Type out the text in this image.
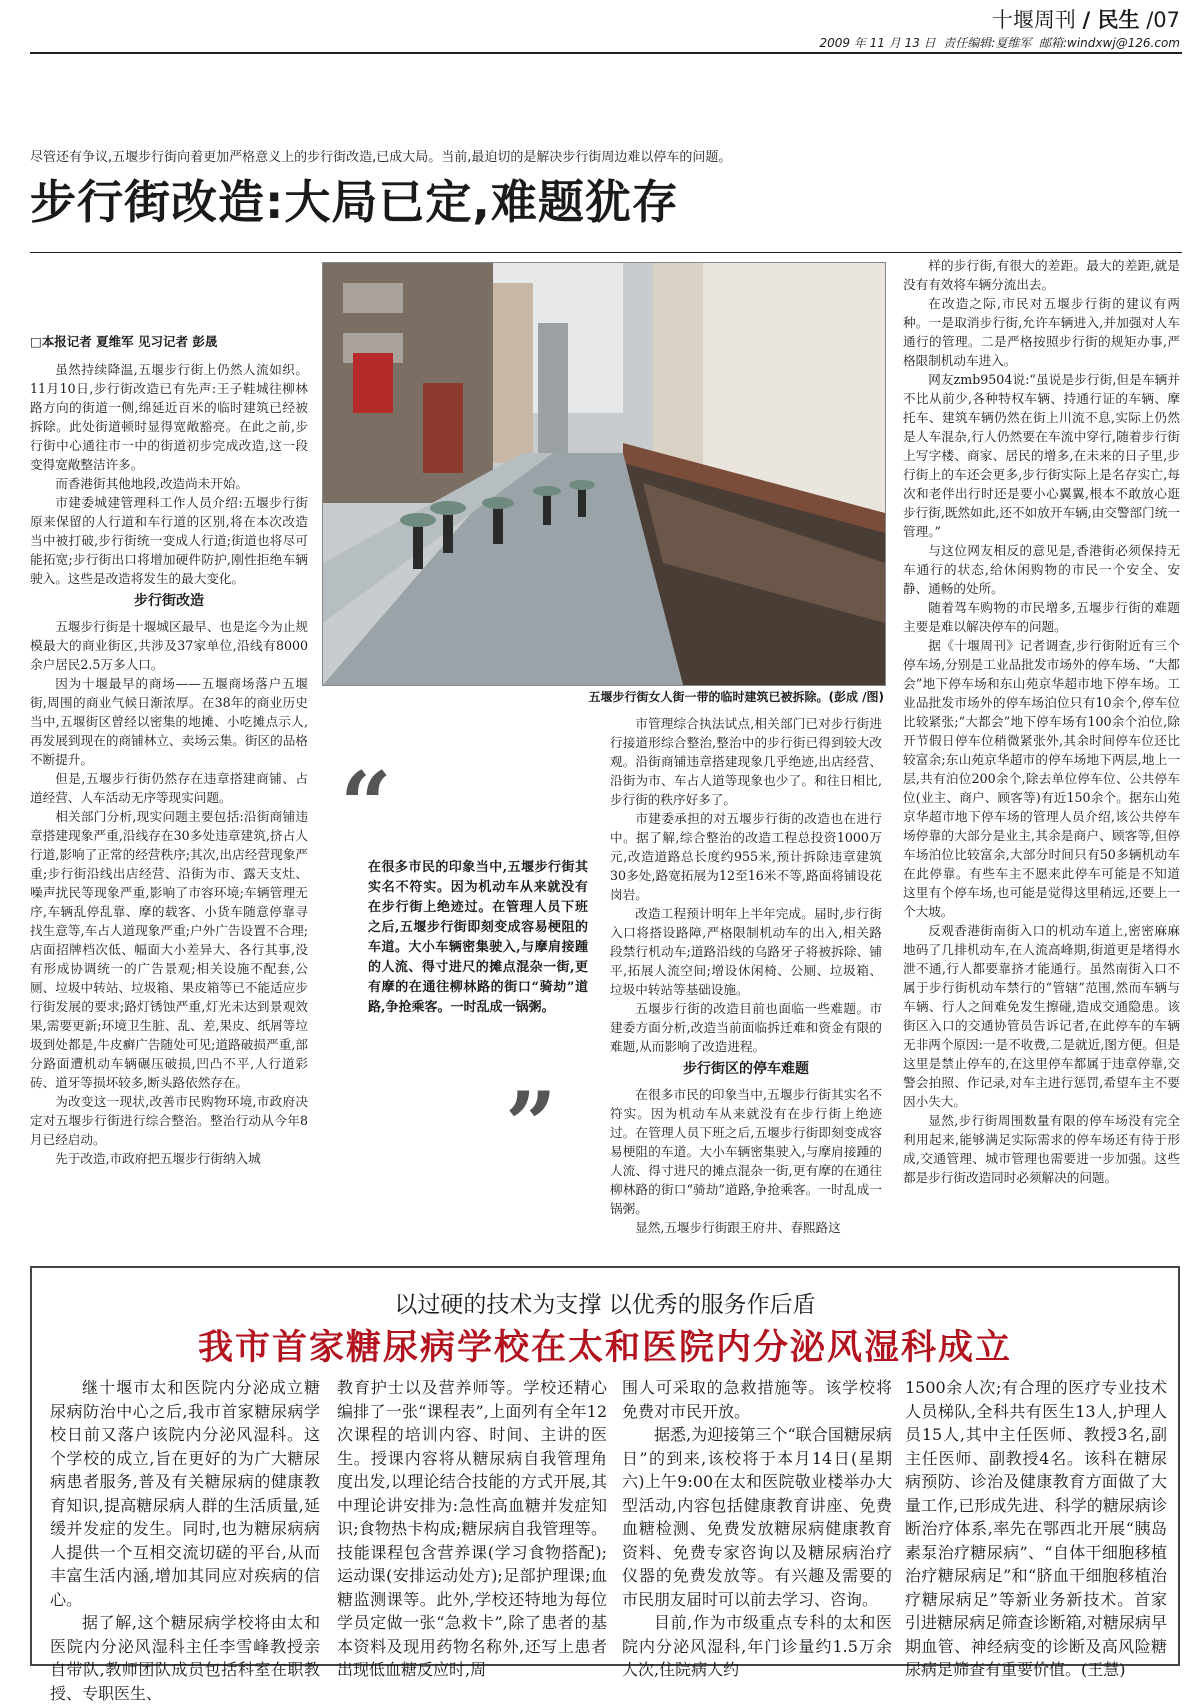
十堰周刊 / 民生 /07
2009 年 11 月 13 日 责任编辑:夏维军 邮箱:windxwj@126.com
尽管还有争议,五堰步行街向着更加严格意义上的步行街改造,已成大局。当前,最迫切的是解决步行街周边难以停车的问题。
步行街改造:大局已定,难题犹存
□本报记者 夏维军 见习记者 彭晟

虽然持续降温,五堰步行街上仍然人流如织。11月10日,步行街改造已有先声:王子鞋城往柳林路方向的街道一侧,绵延近百米的临时建筑已经被拆除。此处街道顿时显得宽敞豁亮。在此之前,步行街中心通往市一中的街道初步完成改造,这一段变得宽敞整洁许多。

而香港街其他地段,改造尚未开始。

市建委城建管理科工作人员介绍:五堰步行街原来保留的人行道和车行道的区别,将在本次改造当中被打破,步行街统一变成人行道;街道也将尽可能拓宽;步行街出口将增加硬件防护,刚性拒绝车辆驶入。这些是改造将发生的最大变化。

步行街改造

五堰步行街是十堰城区最早、也是迄今为止规模最大的商业街区,共涉及37家单位,沿线有8000余户居民2.5万多人口。

因为十堰最早的商场——五堰商场落户五堰街,周围的商业气候日渐浓厚。在38年的商业历史当中,五堰街区曾经以密集的地摊、小吃摊点示人,再发展到现在的商铺林立、卖场云集。街区的品格不断提升。

但是,五堰步行街仍然存在违章搭建商铺、占道经营、人车活动无序等现实问题。

相关部门分析,现实问题主要包括:沿街商铺违章搭建现象严重,沿线存在30多处违章建筑,挤占人行道,影响了正常的经营秩序;其次,出店经营现象严重;步行街沿线出店经营、沿街为市、露天支灶、噪声扰民等现象严重,影响了市容环境;车辆管理无序,车辆乱停乱靠、摩的载客、小货车随意停靠寻找生意等,车占人道现象严重;户外广告设置不合理;店面招牌档次低、幅面大小差异大、各行其事,没有形成协调统一的广告景观;相关设施不配套,公厕、垃圾中转站、垃圾箱、果皮箱等已不能适应步行街发展的要求;路灯锈蚀严重,灯光未达到景观效果,需要更新;环境卫生脏、乱、差,果皮、纸屑等垃圾到处都是,牛皮癣广告随处可见;道路破损严重,部分路面遭机动车辆碾压破损,凹凸不平,人行道彩砖、道牙等损坏较多,断头路依然存在。

为改变这一现状,改善市民购物环境,市政府决定对五堰步行街进行综合整治。整治行动从今年8月已经启动。

先于改造,市政府把五堰步行街纳入城

五堰步行街女人街一带的临时建筑已被拆除。(彭成 /图)
“
在很多市民的印象当中,五堰步行街其实名不符实。因为机动车从来就没有在步行街上绝迹过。在管理人员下班之后,五堰步行街即刻变成容易梗阻的车道。大小车辆密集驶入,与摩肩接踵的人流、得寸进尺的摊点混杂一街,更有摩的在通往柳林路的街口“骑劫”道路,争抢乘客。一时乱成一锅粥。
”

市管理综合执法试点,相关部门已对步行街进行接道形综合整治,整治中的步行街已得到较大改观。沿街商铺违章搭建现象几乎绝迹,出店经营、沿街为市、车占人道等现象也少了。和往日相比,步行街的秩序好多了。

市建委承担的对五堰步行街的改造也在进行中。据了解,综合整治的改造工程总投资1000万元,改造道路总长度约955米,预计拆除违章建筑30多处,路宽拓展为12至16米不等,路面将铺设花岗岩。

改造工程预计明年上半年完成。届时,步行街入口将搭设路障,严格限制机动车的出入,相关路段禁行机动车;道路沿线的乌路牙子将被拆除、铺平,拓展人流空间;增设休闲椅、公厕、垃圾箱、垃圾中转站等基础设施。

五堰步行街的改造目前也面临一些难题。市建委方面分析,改造当前面临拆迁难和资金有限的难题,从而影响了改造进程。

步行街区的停车难题

在很多市民的印象当中,五堰步行街其实名不符实。因为机动车从来就没有在步行街上绝迹过。在管理人员下班之后,五堰步行街即刻变成容易梗阻的车道。大小车辆密集驶入,与摩肩接踵的人流、得寸进尺的摊点混杂一街,更有摩的在通往柳林路的街口“骑劫”道路,争抢乘客。一时乱成一锅粥。

显然,五堰步行街跟王府井、春熙路这

样的步行街,有很大的差距。最大的差距,就是没有有效将车辆分流出去。

在改造之际,市民对五堰步行街的建议有两种。一是取消步行街,允许车辆进入,并加强对人车通行的管理。二是严格按照步行街的规矩办事,严格限制机动车进入。

网友zmb9504说:“虽说是步行街,但是车辆并不比从前少,各种特权车辆、持通行证的车辆、摩托车、建筑车辆仍然在街上川流不息,实际上仍然是人车混杂,行人仍然要在车流中穿行,随着步行街上写字楼、商家、居民的增多,在未来的日子里,步行街上的车还会更多,步行街实际上是名存实亡,每次和老伴出行时还是要小心翼翼,根本不敢放心逛步行街,既然如此,还不如放开车辆,由交警部门统一管理。”

与这位网友相反的意见是,香港街必须保持无车通行的状态,给休闲购物的市民一个安全、安静、通畅的处所。

随着驾车购物的市民增多,五堰步行街的难题主要是难以解决停车的问题。

据《十堰周刊》记者调查,步行街附近有三个停车场,分别是工业品批发市场外的停车场、“大都会”地下停车场和东山苑京华超市地下停车场。工业品批发市场外的停车场泊位只有10余个,停车位比较紧张;“大都会”地下停车场有100余个泊位,除开节假日停车位稍微紧张外,其余时间停车位还比较富余;东山苑京华超市的停车场地下两层,地上一层,共有泊位200余个,除去单位停车位、公共停车位(业主、商户、顾客等)有近150余个。据东山苑京华超市地下停车场的管理人员介绍,该公共停车场停靠的大部分是业主,其余是商户、顾客等,但停车场泊位比较富余,大部分时间只有50多辆机动车在此停靠。有些车主不愿来此停车可能是不知道这里有个停车场,也可能是觉得这里稍远,还要上一个大坡。

反观香港街南街入口的机动车道上,密密麻麻地码了几排机动车,在人流高峰期,街道更是堵得水泄不通,行人都要靠挤才能通行。虽然南街入口不属于步行街机动车禁行的“管辖”范围,然而车辆与车辆、行人之间难免发生擦碰,造成交通隐患。该街区入口的交通协管员告诉记者,在此停车的车辆无非两个原因:一是不收费,二是就近,图方便。但是这里是禁止停车的,在这里停车都属于违章停靠,交警会拍照、作记录,对车主进行惩罚,希望车主不要因小失大。

显然,步行街周围数量有限的停车场没有完全利用起来,能够满足实际需求的停车场还有待于形成,交通管理、城市管理也需要进一步加强。这些都是步行街改造同时必须解决的问题。

以过硬的技术为支撑 以优秀的服务作后盾
我市首家糖尿病学校在太和医院内分泌风湿科成立

继十堰市太和医院内分泌成立糖尿病防治中心之后,我市首家糖尿病学校日前又落户该院内分泌风湿科。这个学校的成立,旨在更好的为广大糖尿病患者服务,普及有关糖尿病的健康教育知识,提高糖尿病人群的生活质量,延缓并发症的发生。同时,也为糖尿病病人提供一个互相交流切磋的平台,从而丰富生活内涵,增加其同应对疾病的信心。

据了解,这个糖尿病学校将由太和医院内分泌风湿科主任李雪峰教授亲自带队,教师团队成员包括科室在职教授、专职医生、

教育护士以及营养师等。学校还精心编排了一张“课程表”,上面列有全年12次课程的培训内容、时间、主讲的医生。授课内容将从糖尿病自我管理角度出发,以理论结合技能的方式开展,其中理论讲安排为:急性高血糖并发症知识;食物热卡构成;糖尿病自我管理等。技能课程包含营养课(学习食物搭配);运动课(安排运动处方);足部护理课;血糖监测课等。此外,学校还特地为每位学员定做一张“急救卡”,除了患者的基本资料及现用药物名称外,还写上患者出现低血糖反应时,周

围人可采取的急救措施等。该学校将免费对市民开放。

据悉,为迎接第三个“联合国糖尿病日”的到来,该校将于本月14日(星期六)上午9:00在太和医院敬业楼举办大型活动,内容包括健康教育讲座、免费血糖检测、免费发放糖尿病健康教育资料、免费专家咨询以及糖尿病治疗仪器的免费发放等。有兴趣及需要的市民朋友届时可以前去学习、咨询。

目前,作为市级重点专科的太和医院内分泌风湿科,年门诊量约1.5万余人次,住院病人约

1500余人次;有合理的医疗专业技术人员梯队,全科共有医生13人,护理人员15人,其中主任医师、教授3名,副主任医师、副教授4名。该科在糖尿病预防、诊治及健康教育方面做了大量工作,已形成先进、科学的糖尿病诊断治疗体系,率先在鄂西北开展“胰岛素泵治疗糖尿病”、“自体干细胞移植治疗糖尿病足”和“脐血干细胞移植治疗糖尿病足”等新业务新技术。首家引进糖尿病足筛查诊断箱,对糖尿病早期血管、神经病变的诊断及高风险糖尿病足筛查有重要价值。(王慧)
